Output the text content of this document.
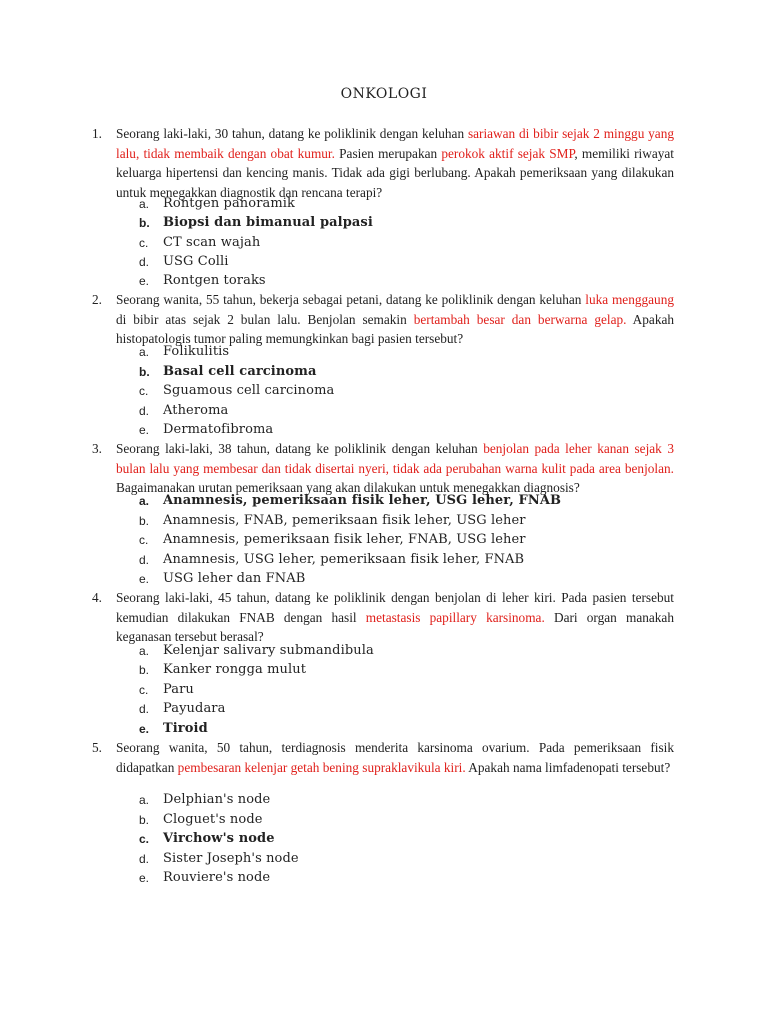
ONKOLOGI
1.	Seorang laki-laki, 30 tahun, datang ke poliklinik dengan keluhan sariawan di bibir sejak 2 minggu yang lalu, tidak membaik dengan obat kumur. Pasien merupakan perokok aktif sejak SMP, memiliki riwayat keluarga hipertensi dan kencing manis. Tidak ada gigi berlubang. Apakah pemeriksaan yang dilakukan untuk menegakkan diagnostik dan rencana terapi?
a. Rontgen panoramik
b. Biopsi dan bimanual palpasi
c. CT scan wajah
d. USG Colli
e. Rontgen toraks
2.	Seorang wanita, 55 tahun, bekerja sebagai petani, datang ke poliklinik dengan keluhan luka menggaung di bibir atas sejak 2 bulan lalu. Benjolan semakin bertambah besar dan berwarna gelap. Apakah histopatologis tumor paling memungkinkan bagi pasien tersebut?
a. Folikulitis
b. Basal cell carcinoma
c. Sguamous cell carcinoma
d. Atheroma
e. Dermatofibroma
3.	Seorang laki-laki, 38 tahun, datang ke poliklinik dengan keluhan benjolan pada leher kanan sejak 3 bulan lalu yang membesar dan tidak disertai nyeri, tidak ada perubahan warna kulit pada area benjolan. Bagaimanakan urutan pemeriksaan yang akan dilakukan untuk menegakkan diagnosis?
a. Anamnesis, pemeriksaan fisik leher, USG leher, FNAB
b. Anamnesis, FNAB, pemeriksaan fisik leher, USG leher
c. Anamnesis, pemeriksaan fisik leher, FNAB, USG leher
d. Anamnesis, USG leher, pemeriksaan fisik leher, FNAB
e. USG leher dan FNAB
4.	Seorang laki-laki, 45 tahun, datang ke poliklinik dengan benjolan di leher kiri. Pada pasien tersebut kemudian dilakukan FNAB dengan hasil metastasis papillary karsinoma. Dari organ manakah keganasan tersebut berasal?
a. Kelenjar salivary submandibula
b. Kanker rongga mulut
c. Paru
d. Payudara
e. Tiroid
5.	Seorang wanita, 50 tahun, terdiagnosis menderita karsinoma ovarium. Pada pemeriksaan fisik didapatkan pembesaran kelenjar getah bening supraklavikula kiri. Apakah nama limfadenopati tersebut?
a. Delphian's node
b. Cloguet's node
c. Virchow's node
d. Sister Joseph's node
e. Rouviere's node
